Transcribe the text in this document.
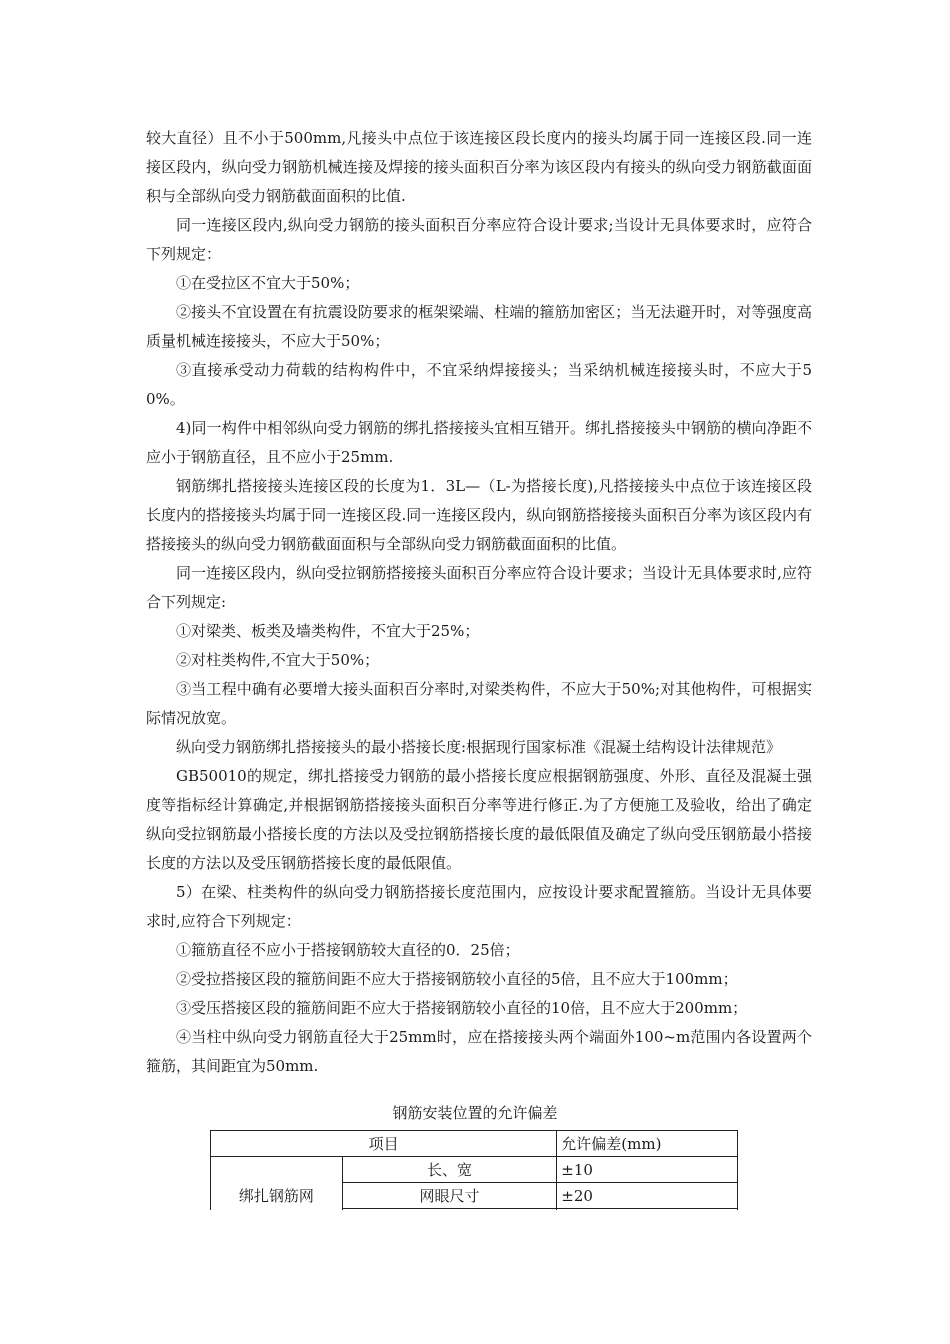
较大直径）且不小于500mm,凡接头中点位于该连接区段长度内的接头均属于同一连接区段.同一连接区段内，纵向受力钢筋机械连接及焊接的接头面积百分率为该区段内有接头的纵向受力钢筋截面面积与全部纵向受力钢筋截面面积的比值.

同一连接区段内,纵向受力钢筋的接头面积百分率应符合设计要求;当设计无具体要求时，应符合下列规定：

①在受拉区不宜大于50%；

②接头不宜设置在有抗震设防要求的框架梁端、柱端的箍筋加密区；当无法避开时，对等强度高质量机械连接接头，不应大于50%；

③直接承受动力荷载的结构构件中，不宜采纳焊接接头；当采纳机械连接接头时，不应大于50%。

4)同一构件中相邻纵向受力钢筋的绑扎搭接接头宜相互错开。绑扎搭接接头中钢筋的横向净距不应小于钢筋直径，且不应小于25mm.

钢筋绑扎搭接接头连接区段的长度为1．3L—（L-为搭接长度),凡搭接接头中点位于该连接区段长度内的搭接接头均属于同一连接区段.同一连接区段内，纵向钢筋搭接接头面积百分率为该区段内有搭接接头的纵向受力钢筋截面面积与全部纵向受力钢筋截面面积的比值。

同一连接区段内，纵向受拉钢筋搭接接头面积百分率应符合设计要求；当设计无具体要求时,应符合下列规定:

①对梁类、板类及墙类构件，不宜大于25%；

②对柱类构件,不宜大于50%；

③当工程中确有必要增大接头面积百分率时,对梁类构件，不应大于50%;对其他构件，可根据实际情况放宽。

纵向受力钢筋绑扎搭接接头的最小搭接长度:根据现行国家标准《混凝土结构设计法律规范》

GB50010的规定，绑扎搭接受力钢筋的最小搭接长度应根据钢筋强度、外形、直径及混凝土强度等指标经计算确定,并根据钢筋搭接接头面积百分率等进行修正.为了方便施工及验收，给出了确定纵向受拉钢筋最小搭接长度的方法以及受拉钢筋搭接长度的最低限值及确定了纵向受压钢筋最小搭接长度的方法以及受压钢筋搭接长度的最低限值。

5）在梁、柱类构件的纵向受力钢筋搭接长度范围内，应按设计要求配置箍筋。当设计无具体要求时,应符合下列规定：

①箍筋直径不应小于搭接钢筋较大直径的0．25倍；

②受拉搭接区段的箍筋间距不应大于搭接钢筋较小直径的5倍，且不应大于100mm；

③受压搭接区段的箍筋间距不应大于搭接钢筋较小直径的10倍，且不应大于200mm；

④当柱中纵向受力钢筋直径大于25mm时，应在搭接接头两个端面外100~m范围内各设置两个箍筋，其间距宜为50mm.

钢筋安装位置的允许偏差
项目		允许偏差(mm)
绑扎钢筋网	长、宽	±10
	网眼尺寸	±20
